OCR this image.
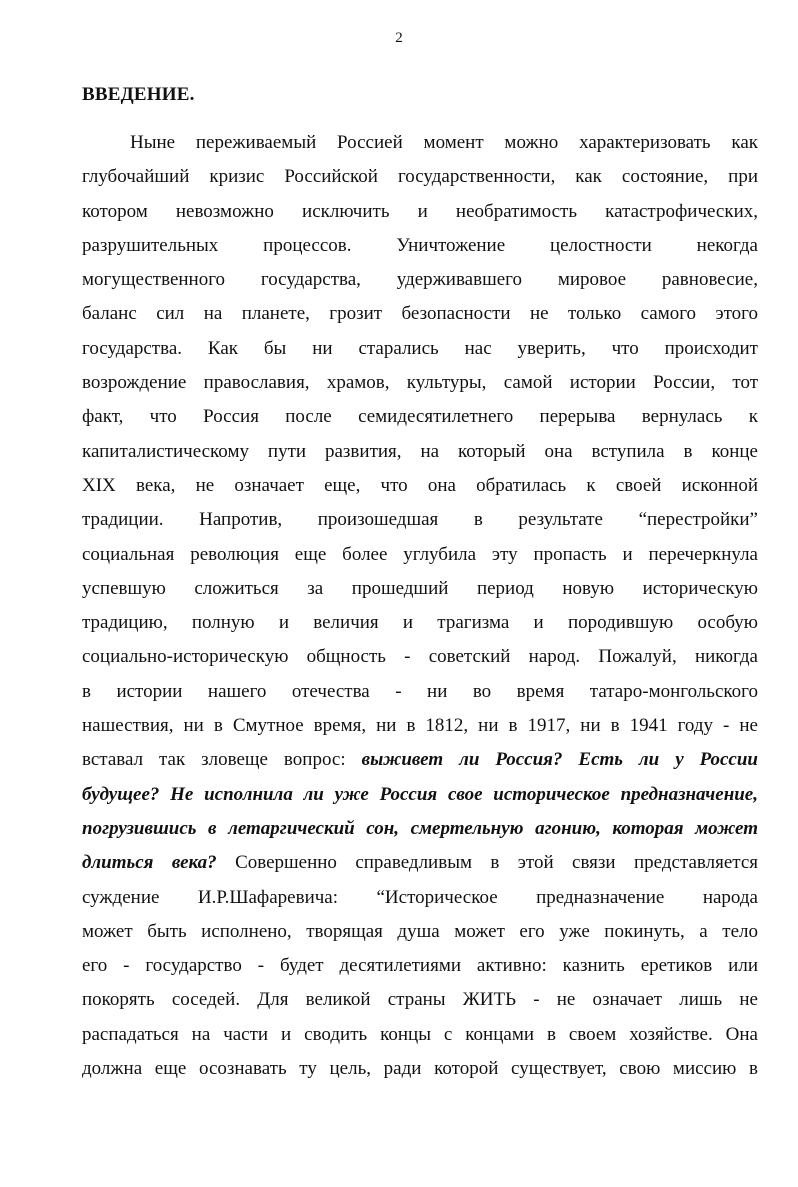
2
ВВЕДЕНИЕ.
Ныне переживаемый Россией момент можно характеризовать как
глубочайший кризис Российской государственности, как состояние, при
котором невозможно исключить и необратимость катастрофических,
разрушительных процессов. Уничтожение целостности некогда
могущественного государства, удерживавшего мировое равновесие,
баланс сил на планете, грозит безопасности не только самого этого
государства. Как бы ни старались нас уверить, что происходит
возрождение православия, храмов, культуры, самой истории России, тот
факт, что Россия после семидесятилетнего перерыва вернулась к
капиталистическому пути развития, на который она вступила в конце
XIX века, не означает еще, что она обратилась к своей исконной
традиции. Напротив, произошедшая в результате “перестройки”
социальная революция еще более углубила эту пропасть и перечеркнула
успевшую сложиться за прошедший период новую историческую
традицию, полную и величия и трагизма и породившую особую
социально-историческую общность - советский народ. Пожалуй, никогда
в истории нашего отечества - ни во время татаро-монгольского
нашествия, ни в Смутное время, ни в 1812, ни в 1917, ни в 1941 году - не
вставал так зловеще вопрос: выживет ли Россия? Есть ли у России
будущее? Не исполнила ли уже Россия свое историческое предназначение,
погрузившись в летаргический сон, смертельную агонию, которая может
длиться века? Совершенно справедливым в этой связи представляется
суждение И.Р.Шафаревича: “Историческое предназначение народа
может быть исполнено, творящая душа может его уже покинуть, а тело
его - государство - будет десятилетиями активно: казнить еретиков или
покорять соседей. Для великой страны ЖИТЬ - не означает лишь не
распадаться на части и сводить концы с концами в своем хозяйстве. Она
должна еще осознавать ту цель, ради которой существует, свою миссию в
